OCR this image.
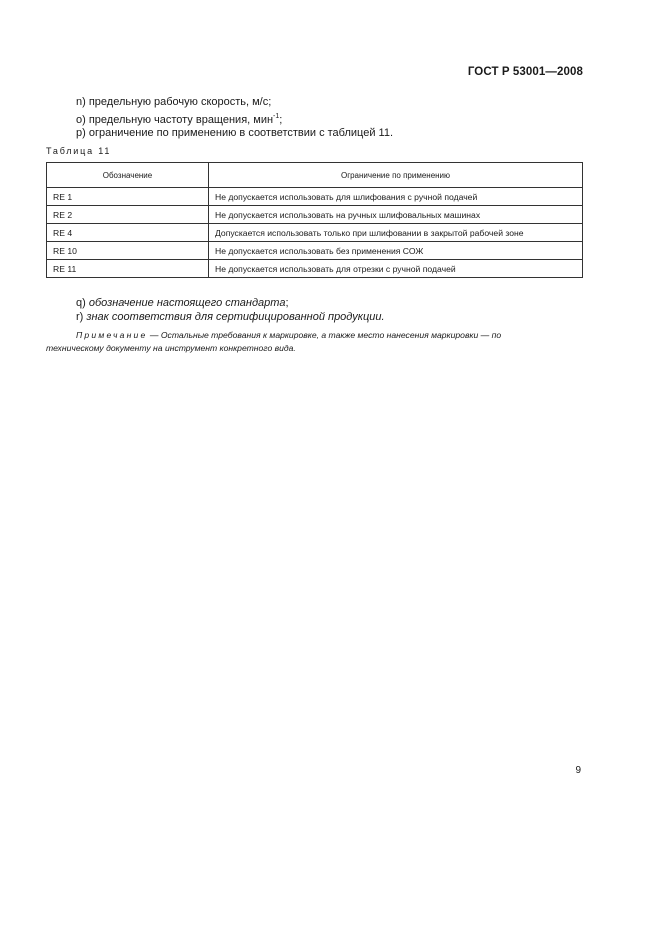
ГОСТ Р 53001—2008
n) предельную рабочую скорость, м/с;
о) предельную частоту вращения, мин$^{-1}$;
р) ограничение по применению в соответствии с таблицей 11.
Таблица 11
Обозначение	Ограничение по применению
RE 1	Не допускается использовать для шлифования с ручной подачей
RE 2	Не допускается использовать на ручных шлифовальных машинах
RE 4	Допускается использовать только при шлифовании в закрытой рабочей зоне
RE 10	Не допускается использовать без применения СОЖ
RE 11	Не допускается использовать для отрезки с ручной подачей
q) обозначение настоящего стандарта;
r) знак соответствия для сертифицированной продукции.
Примечание — Остальные требования к маркировке, а также место нанесения маркировки — по
техническому документу на инструмент конкретного вида.
9
